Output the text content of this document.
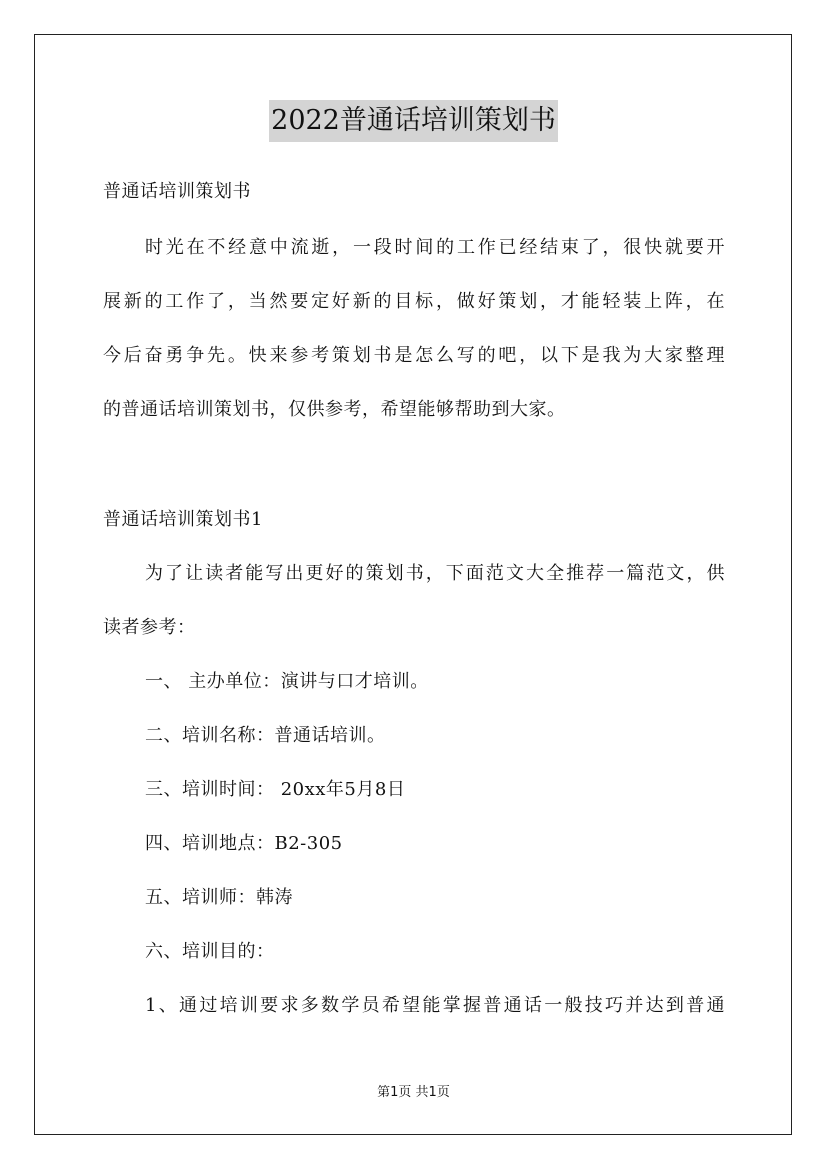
2022普通话培训策划书
普通话培训策划书
时光在不经意中流逝，一段时间的工作已经结束了，很快就要开
展新的工作了，当然要定好新的目标，做好策划，才能轻装上阵，在
今后奋勇争先。快来参考策划书是怎么写的吧，以下是我为大家整理
的普通话培训策划书，仅供参考，希望能够帮助到大家。
普通话培训策划书1
为了让读者能写出更好的策划书，下面范文大全推荐一篇范文，供
读者参考：
一、 主办单位：演讲与口才培训。
二、培训名称：普通话培训。
三、培训时间： 20xx年5月8日
四、培训地点：B2-305
五、培训师：韩涛
六、培训目的：
1、通过培训要求多数学员希望能掌握普通话一般技巧并达到普通
第1页 共1页
